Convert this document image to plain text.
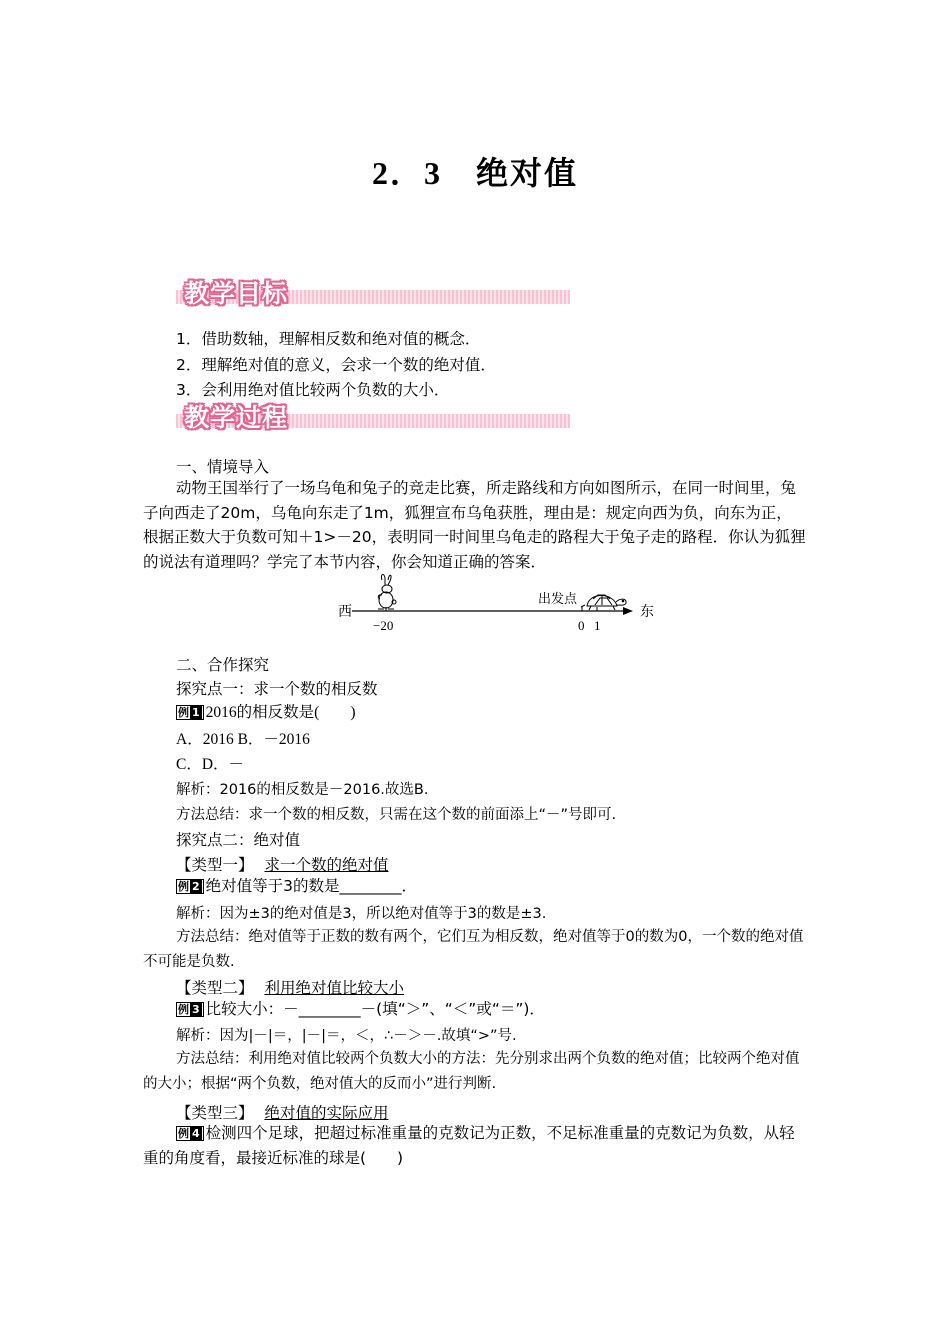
2．3　绝对值
教学目标
1．借助数轴，理解相反数和绝对值的概念．
2．理解绝对值的意义，会求一个数的绝对值．
3．会利用绝对值比较两个负数的大小．
教学过程
一、情境导入
动物王国举行了一场乌龟和兔子的竞走比赛，所走路线和方向如图所示，在同一时间里，兔子向西走了20m，乌龟向东走了1m，狐狸宣布乌龟获胜，理由是：规定向西为负，向东为正，根据正数大于负数可知＋1>－20，表明同一时间里乌龟走的路程大于兔子走的路程．你认为狐狸的说法有道理吗？学完了本节内容，你会知道正确的答案．
西	东
出发点
−20	0 1
二、合作探究
探究点一：求一个数的相反数
例 1 2016的相反数是(　　)
A．2016 B．－2016
C．D．－
解析：2016的相反数是－2016.故选B.
方法总结：求一个数的相反数，只需在这个数的前面添上“－”号即可.
探究点二：绝对值
【类型一】 求一个数的绝对值
例 2 绝对值等于3的数是________．
解析：因为±3的绝对值是3，所以绝对值等于3的数是±3.
方法总结：绝对值等于正数的数有两个，它们互为相反数，绝对值等于0的数为0，一个数的绝对值不可能是负数.
【类型二】 利用绝对值比较大小
例 3 比较大小：－________－(填“＞”、“＜”或“＝”)．
解析：因为|－|＝，|－|＝，＜，∴－＞－.故填“>”号.
方法总结：利用绝对值比较两个负数大小的方法：先分别求出两个负数的绝对值；比较两个绝对值的大小；根据“两个负数，绝对值大的反而小”进行判断.
【类型三】 绝对值的实际应用
例 4 检测四个足球，把超过标准重量的克数记为正数，不足标准重量的克数记为负数，从轻重的角度看，最接近标准的球是(　　)
